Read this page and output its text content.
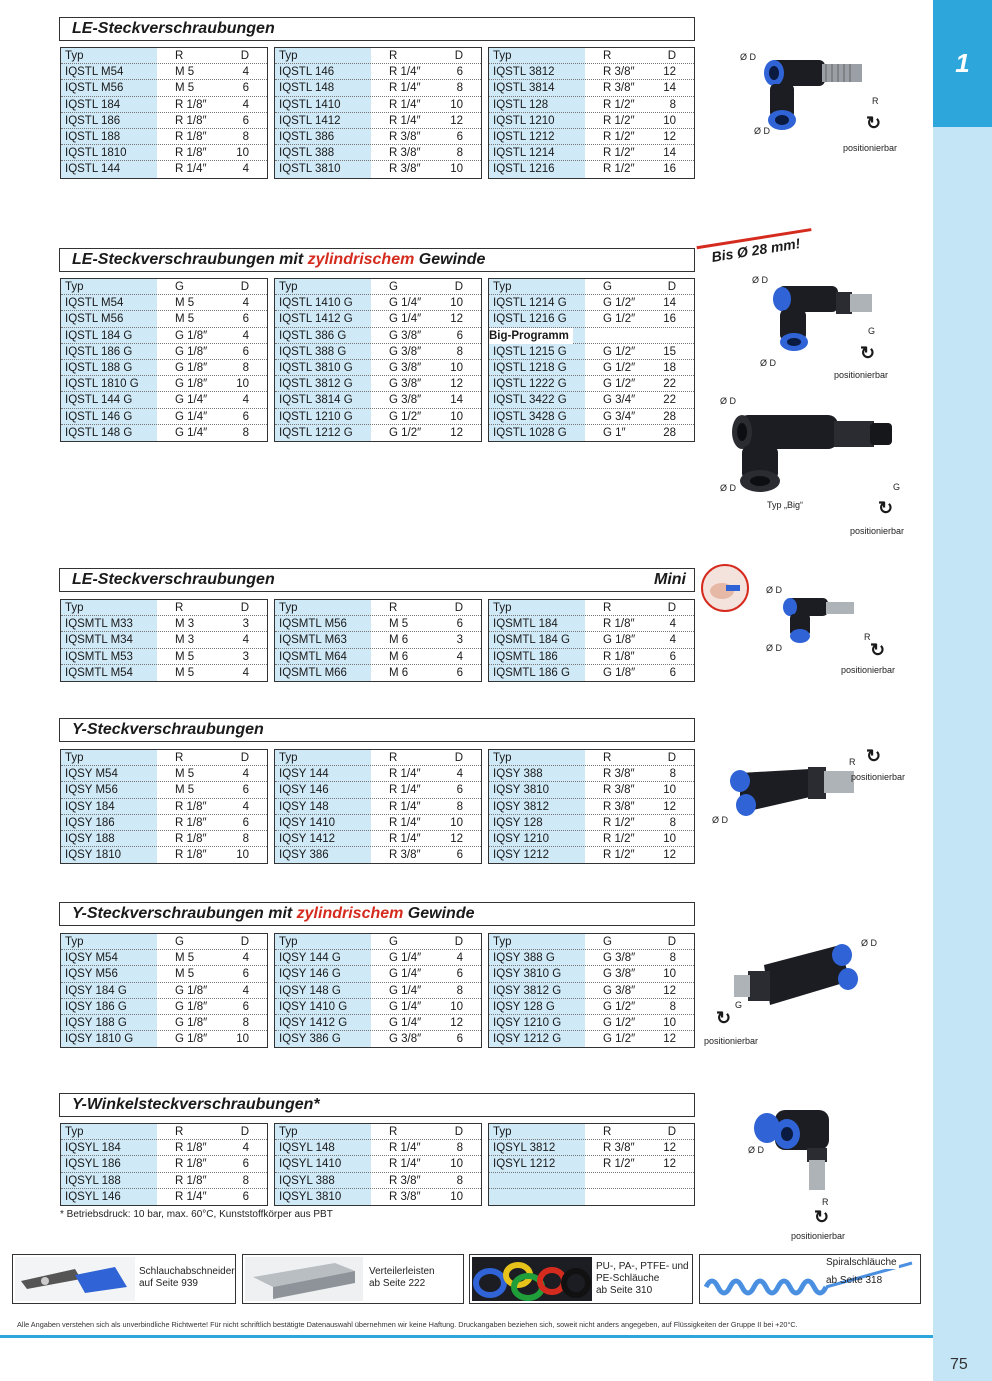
1
LE-Steckverschraubungen
Typ	R	D
IQSTL M54	M 5	4
IQSTL M56	M 5	6
IQSTL 184	R 1/8″	4
IQSTL 186	R 1/8″	6
IQSTL 188	R 1/8″	8
IQSTL 1810	R 1/8″	10
IQSTL 144	R 1/4″	4
Typ	R	D
IQSTL 146	R 1/4″	6
IQSTL 148	R 1/4″	8
IQSTL 1410	R 1/4″	10
IQSTL 1412	R 1/4″	12
IQSTL 386	R 3/8″	6
IQSTL 388	R 3/8″	8
IQSTL 3810	R 3/8″	10
Typ	R	D
IQSTL 3812	R 3/8″ 12
IQSTL 3814	R 3/8″ 14
IQSTL 128	R 1/2″	8
IQSTL 1210	R 1/2″ 10
IQSTL 1212	R 1/2″ 12
IQSTL 1214	R 1/2″ 14
IQSTL 1216	R 1/2″ 16
Ø D
Ø D
R
↻
positionierbar
LE-Steckverschraubungen mit zylindrischem Gewinde	Bis Ø 28 mm!
Typ	G	D
IQSTL M54	M 5	4
IQSTL M56	M 5	6
IQSTL 184 G	G 1/8″	4
IQSTL 186 G	G 1/8″	6
IQSTL 188 G	G 1/8″	8
IQSTL 1810 G	G 1/8″	10
IQSTL 144 G	G 1/4″	4
IQSTL 146 G	G 1/4″	6
IQSTL 148 G	G 1/4″	8
Typ	G	D
IQSTL 1410 G	G 1/4″	10
IQSTL 1412 G	G 1/4″	12
IQSTL 386 G	G 3/8″	6
IQSTL 388 G	G 3/8″	8
IQSTL 3810 G	G 3/8″	10
IQSTL 3812 G	G 3/8″	12
IQSTL 3814 G	G 3/8″	14
IQSTL 1210 G	G 1/2″	10
IQSTL 1212 G	G 1/2″	12
Typ	G	D
IQSTL 1214 G	G 1/2″ 14
IQSTL 1216 G	G 1/2″ 16
Big-Programm
IQSTL 1215 G	G 1/2″ 15
IQSTL 1218 G	G 1/2″ 18
IQSTL 1222 G	G 1/2″ 22
IQSTL 3422 G	G 3/4″ 22
IQSTL 3428 G	G 3/4″ 28
IQSTL 1028 G	G 1″	28
Ø D
Ø D
G
↻
positionierbar
Ø D
Ø D	G
Typ „Big“	↻
positionierbar
LE-Steckverschraubungen	Mini
Typ	R	D
IQSMTL M33	M 3	3
IQSMTL M34	M 3	4
IQSMTL M53	M 5	3
IQSMTL M54	M 5	4
Typ	R	D
IQSMTL M56	M 5	6
IQSMTL M63	M 6	3
IQSMTL M64	M 6	4
IQSMTL M66	M 6	6
Typ	R	D
IQSMTL 184	R 1/8″	4
IQSMTL 184 G	G 1/8″	4
IQSMTL 186	R 1/8″	6
IQSMTL 186 G	G 1/8″	6
Ø D
Ø D
R
↻
positionierbar
Y-Steckverschraubungen
Typ	R	D
IQSY M54	M 5	4
IQSY M56	M 5	6
IQSY 184	R 1/8″	4
IQSY 186	R 1/8″	6
IQSY 188	R 1/8″	8
IQSY 1810	R 1/8″	10
Typ	R	D
IQSY 144	R 1/4″	4
IQSY 146	R 1/4″	6
IQSY 148	R 1/4″	8
IQSY 1410	R 1/4″	10
IQSY 1412	R 1/4″	12
IQSY 386	R 3/8″	6
Typ	R	D
IQSY 388	R 3/8″	8
IQSY 3810	R 3/8″ 10
IQSY 3812	R 3/8″ 12
IQSY 128	R 1/2″	8
IQSY 1210	R 1/2″ 10
IQSY 1212	R 1/2″ 12
Ø D
R ↻
positionierbar
Y-Steckverschraubungen mit zylindrischem Gewinde
Typ	G	D
IQSY M54	M 5	4
IQSY M56	M 5	6
IQSY 184 G	G 1/8″	4
IQSY 186 G	G 1/8″	6
IQSY 188 G	G 1/8″	8
IQSY 1810 G	G 1/8″	10
Typ	G	D
IQSY 144 G	G 1/4″	4
IQSY 146 G	G 1/4″	6
IQSY 148 G	G 1/4″	8
IQSY 1410 G	G 1/4″	10
IQSY 1412 G	G 1/4″	12
IQSY 386 G	G 3/8″	6
Typ	G	D
IQSY 388 G	G 3/8″	8
IQSY 3810 G	G 3/8″ 10
IQSY 3812 G	G 3/8″ 12
IQSY 128 G	G 1/2″	8
IQSY 1210 G	G 1/2″ 10
IQSY 1212 G	G 1/2″ 12
Ø D
G
↻
positionierbar
Y-Winkelsteckverschraubungen*
Typ	R	D
IQSYL 184	R 1/8″	4
IQSYL 186	R 1/8″	6
IQSYL 188	R 1/8″	8
IQSYL 146	R 1/4″	6
Typ	R	D
IQSYL 148	R 1/4″	8
IQSYL 1410	R 1/4″	10
IQSYL 388	R 3/8″	8
IQSYL 3810	R 3/8″	10
Typ	R	D
IQSYL 3812	R 3/8″ 12
IQSYL 1212	R 1/2″ 12
* Betriebsdruck: 10 bar, max. 60°C, Kunststoffkörper aus PBT
Ø D
R
↻
positionierbar
Schlauchabschneider
auf Seite 939
Verteilerleisten
ab Seite 222
PU-, PA-, PTFE- und
PE-Schläuche
ab Seite 310
Spiralschläuche
ab Seite 318
Alle Angaben verstehen sich als unverbindliche Richtwerte! Für nicht schriftlich bestätigte Datenauswahl übernehmen wir keine Haftung. Druckangaben beziehen sich, soweit nicht anders angegeben, auf Flüssigkeiten der Gruppe II bei +20°C.
75
